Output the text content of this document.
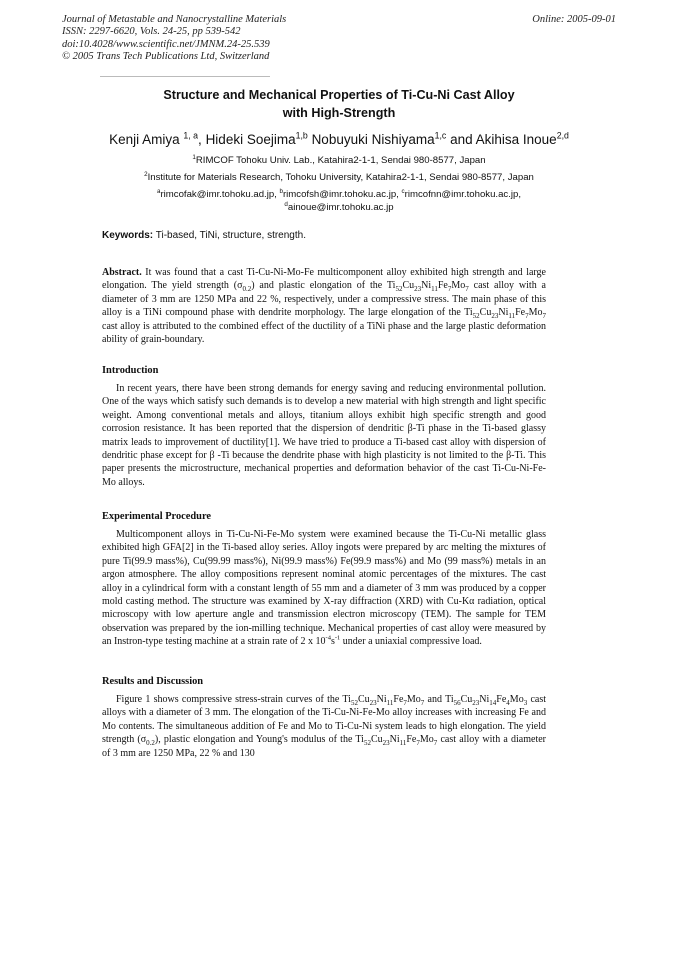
Journal of Metastable and Nanocrystalline Materials
ISSN: 2297-6620, Vols. 24-25, pp 539-542
doi:10.4028/www.scientific.net/JMNM.24-25.539
© 2005 Trans Tech Publications Ltd, Switzerland
Online: 2005-09-01
Structure and Mechanical Properties of Ti-Cu-Ni Cast Alloy
with High-Strength
Kenji Amiya $^{1, a}$, Hideki Soejima$^{1,b}$ Nobuyuki Nishiyama$^{1,c}$ and Akihisa Inoue$^{2,d}$
$^1$RIMCOF Tohoku Univ. Lab., Katahira2-1-1, Sendai 980-8577, Japan
$^2$Institute for Materials Research, Tohoku University, Katahira2-1-1, Sendai 980-8577, Japan
$^a$rimcofak@imr.tohoku.ad.jp, $^b$rimcofsh@imr.tohoku.ac.jp, $^c$rimcofnn@imr.tohoku.ac.jp,
$^d$ainoue@imr.tohoku.ac.jp
Keywords: Ti-based, TiNi, structure, strength.
Abstract. It was found that a cast Ti-Cu-Ni-Mo-Fe multicomponent alloy exhibited high strength and large elongation. The yield strength $(\sigma_{0.2})$ and plastic elongation of the $Ti_{52}Cu_{23}Ni_{11}Fe_7Mo_7$ cast alloy with a diameter of 3 mm are 1250 MPa and 22 %, respectively, under a compressive stress. The main phase of this alloy is a TiNi compound phase with dendrite morphology. The large elongation of the $Ti_{52}Cu_{23}Ni_{11}Fe_7Mo_7$ cast alloy is attributed to the combined effect of the ductility of a TiNi phase and the large plastic deformation ability of grain-boundary.
Introduction
In recent years, there have been strong demands for energy saving and reducing environmental pollution. One of the ways which satisfy such demands is to develop a new material with high strength and light specific weight. Among conventional metals and alloys, titanium alloys exhibit high specific strength and good corrosion resistance. It has been reported that the dispersion of dendritic β-Ti phase in the Ti-based glassy matrix leads to improvement of ductility[1]. We have tried to produce a Ti-based cast alloy with dispersion of dendritic phase except for β -Ti because the dendrite phase with high plasticity is not limited to the β-Ti. This paper presents the microstructure, mechanical properties and deformation behavior of the cast Ti-Cu-Ni-Fe-Mo alloys.
Experimental Procedure
Multicomponent alloys in Ti-Cu-Ni-Fe-Mo system were examined because the Ti-Cu-Ni metallic glass exhibited high GFA[2] in the Ti-based alloy series. Alloy ingots were prepared by arc melting the mixtures of pure Ti(99.9 mass%), Cu(99.99 mass%), Ni(99.9 mass%) Fe(99.9 mass%) and Mo (99 mass%) metals in an argon atmosphere. The alloy compositions represent nominal atomic percentages of the mixtures. The cast alloy in a cylindrical form with a constant length of 55 mm and a diameter of 3 mm was produced by a copper mold casting method. The structure was examined by X-ray diffraction (XRD) with Cu-Kα radiation, optical microscopy with low aperture angle and transmission electron microscopy (TEM). The sample for TEM observation was prepared by the ion-milling technique. Mechanical properties of cast alloy were measured by an Instron-type testing machine at a strain rate of 2 x $10^{-4}s^{-1}$ under a uniaxial compressive load.
Results and Discussion
Figure 1 shows compressive stress-strain curves of the $Ti_{52}Cu_{23}Ni_{11}Fe_7Mo_7$ and $Ti_{56}Cu_{23}Ni_{14}Fe_4Mo_3$ cast alloys with a diameter of 3 mm. The elongation of the Ti-Cu-Ni-Fe-Mo alloy increases with increasing Fe and Mo contents. The simultaneous addition of Fe and Mo to Ti-Cu-Ni system leads to high elongation. The yield strength $(\sigma_{0.2})$, plastic elongation and Young's modulus of the $Ti_{52}Cu_{23}Ni_{11}Fe_7Mo_7$ cast alloy with a diameter of 3 mm are 1250 MPa, 22 % and 130
